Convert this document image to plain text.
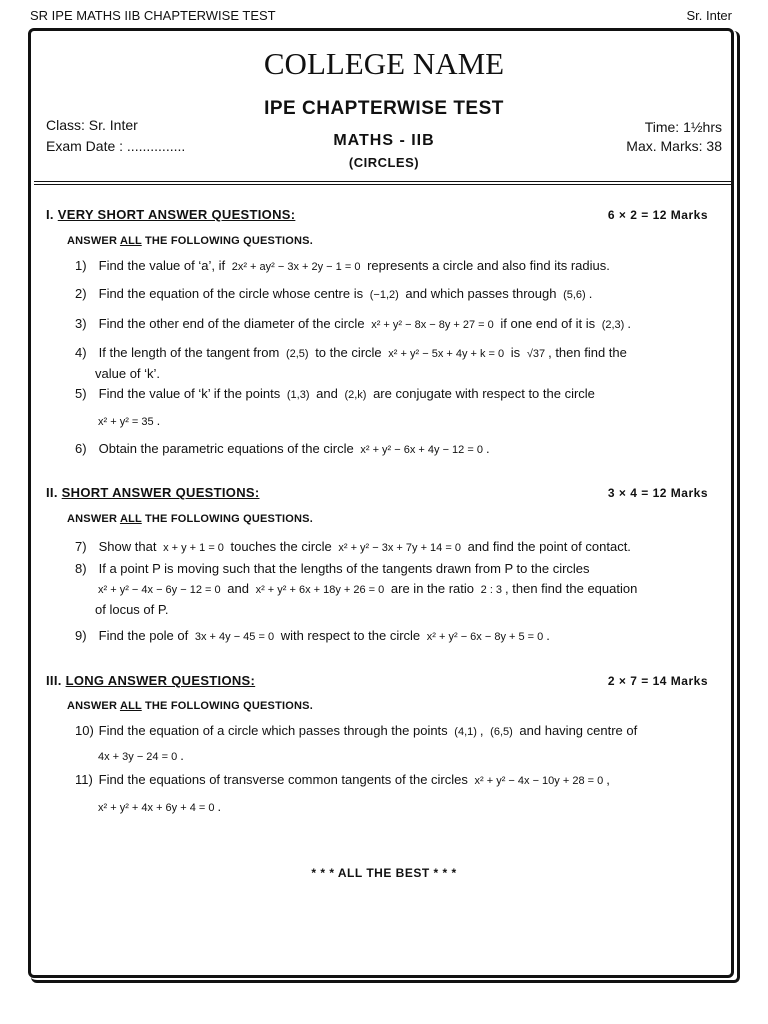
SR IPE MATHS IIB CHAPTERWISE TEST	Sr. Inter
COLLEGE NAME
IPE CHAPTERWISE TEST
MATHS - IIB
(CIRCLES)
Class: Sr. Inter
Exam Date : ...............
Time: 1½hrs
Max. Marks: 38
I. VERY SHORT ANSWER QUESTIONS:	6 × 2 = 12 Marks
ANSWER ALL THE FOLLOWING QUESTIONS.
1) Find the value of ‘a’, if 2x² + ay² − 3x + 2y − 1 = 0 represents a circle and also find its radius.
2) Find the equation of the circle whose centre is (−1,2) and which passes through (5,6) .
3) Find the other end of the diameter of the circle x² + y² − 8x − 8y + 27 = 0 if one end of it is (2,3) .
4) If the length of the tangent from (2,5) to the circle x² + y² − 5x + 4y + k = 0 is √37 , then find the
value of ‘k’.
5) Find the value of ‘k’ if the points (1,3) and (2,k) are conjugate with respect to the circle
x² + y² = 35 .
6) Obtain the parametric equations of the circle x² + y² − 6x + 4y − 12 = 0 .
II. SHORT ANSWER QUESTIONS:	3 × 4 = 12 Marks
ANSWER ALL THE FOLLOWING QUESTIONS.
7) Show that x + y + 1 = 0 touches the circle x² + y² − 3x + 7y + 14 = 0 and find the point of contact.
8) If a point P is moving such that the lengths of the tangents drawn from P to the circles
x² + y² − 4x − 6y − 12 = 0 and x² + y² + 6x + 18y + 26 = 0 are in the ratio 2 : 3 , then find the equation
of locus of P.
9) Find the pole of 3x + 4y − 45 = 0 with respect to the circle x² + y² − 6x − 8y + 5 = 0 .
III. LONG ANSWER QUESTIONS:	2 × 7 = 14 Marks
ANSWER ALL THE FOLLOWING QUESTIONS.
10) Find the equation of a circle which passes through the points (4,1) , (6,5) and having centre of
4x + 3y − 24 = 0 .
11) Find the equations of transverse common tangents of the circles x² + y² − 4x − 10y + 28 = 0 ,
x² + y² + 4x + 6y + 4 = 0 .
* * * ALL THE BEST * * *
